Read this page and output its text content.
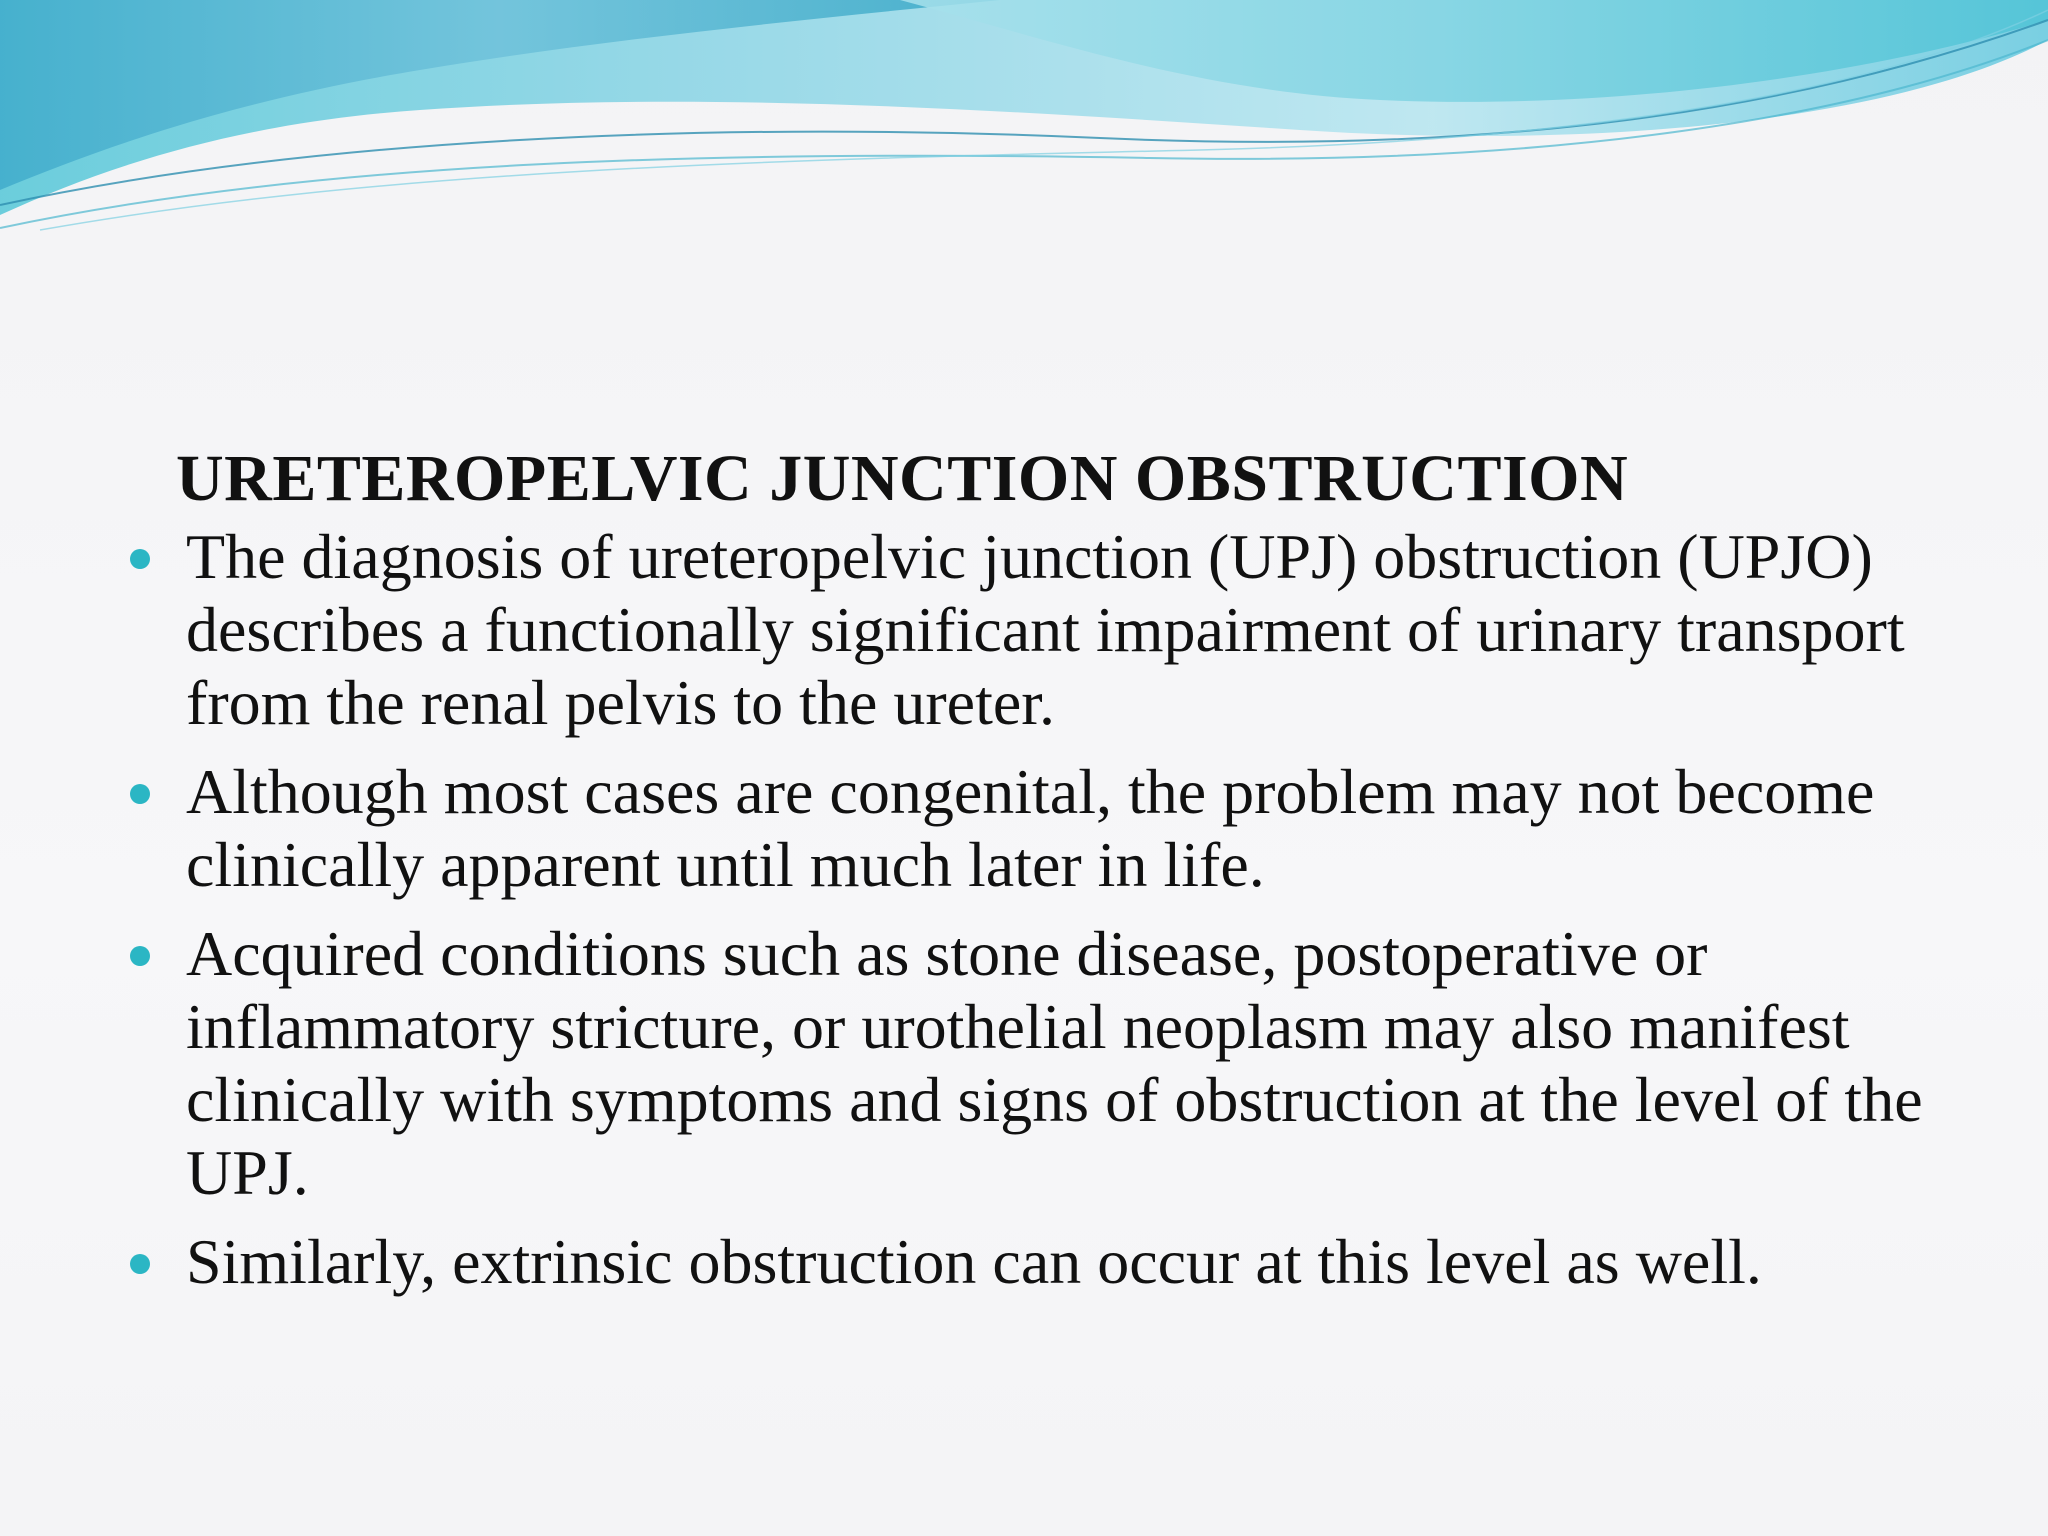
URETEROPELVIC JUNCTION OBSTRUCTION
The diagnosis of ureteropelvic junction (UPJ) obstruction (UPJO) describes a functionally significant impairment of urinary transport from the renal pelvis to the ureter.
Although most cases are congenital, the problem may not become clinically apparent until much later in life.
Acquired conditions such as stone disease, postoperative or inflammatory stricture, or urothelial neoplasm may also manifest clinically with symptoms and signs of obstruction at the level of the UPJ.
Similarly, extrinsic obstruction can occur at this level as well.
